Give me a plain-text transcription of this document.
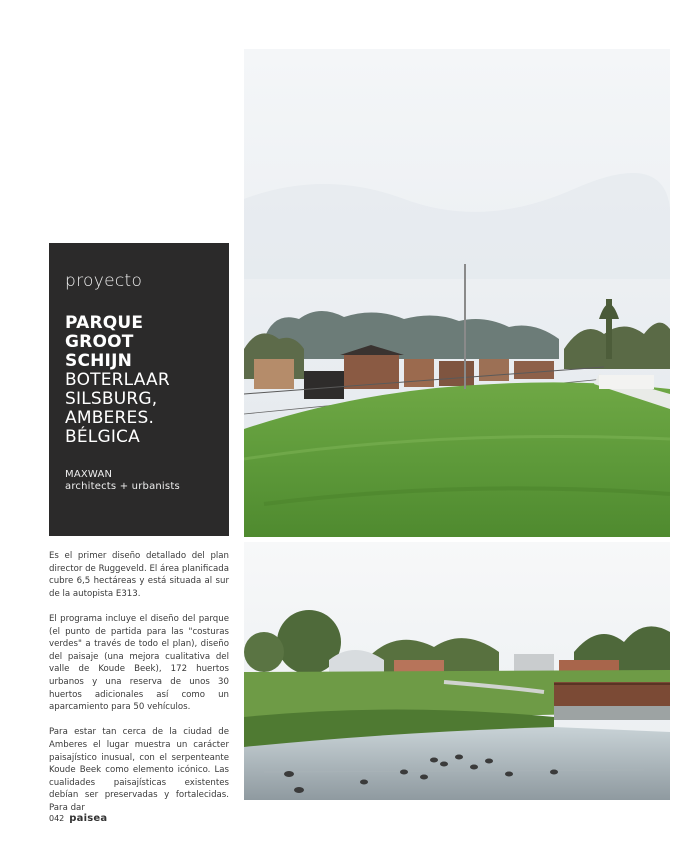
proyecto
PARQUE GROOT
SCHIJN
BOTERLAAR
SILSBURG,
AMBERES.
BÉLGICA
MAXWAN
architects + urbanists

Es el primer diseño detallado del plan director de Ruggeveld. El área planificada cubre 6,5 hectáreas y está situada al sur de la autopista E313.

El programa incluye el diseño del parque (el punto de partida para las "costuras verdes" a través de todo el plan), diseño del paisaje (una mejora cualitativa del valle de Koude Beek), 172 huertos urbanos y una reserva de unos 30 huertos adicionales así como un aparcamiento para 50 vehículos.

Para estar tan cerca de la ciudad de Amberes el lugar muestra un carácter paisajístico inusual, con el serpenteante Koude Beek como elemento icónico. Las cualidades paisajísticas existentes debían ser preservadas y fortalecidas. Para dar

042 paisea
